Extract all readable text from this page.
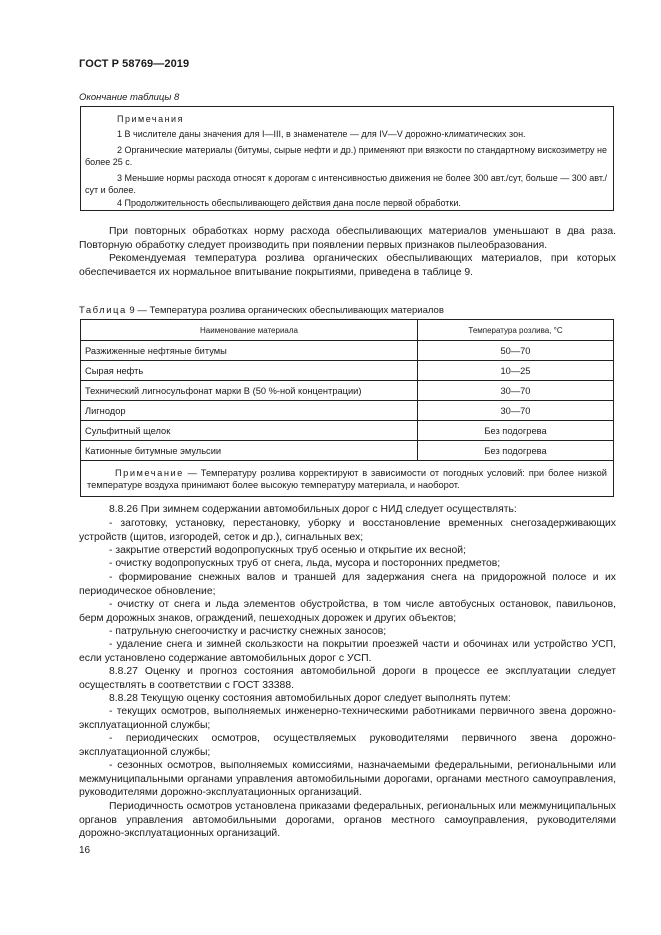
ГОСТ Р 58769—2019
Окончание таблицы 8

Примечания

1 В числителе даны значения для I—III, в знаменателе — для IV—V дорожно-климатических зон.

2 Органические материалы (битумы, сырые нефти и др.) применяют при вязкости по стандартному вискозиметру не более 25 с.

3 Меньшие нормы расхода относят к дорогам с интенсивностью движения не более 300 авт./сут, больше — 300 авт./сут и более.

4 Продолжительность обеспыливающего действия дана после первой обработки.

При повторных обработках норму расхода обеспыливающих материалов уменьшают в два раза. Повторную обработку следует производить при появлении первых признаков пылеобразования.

Рекомендуемая температура розлива органических обеспыливающих материалов, при которых обеспечивается их нормальное впитывание покрытиями, приведена в таблице 9.

Таблица 9 — Температура розлива органических обеспыливающих материалов
Наименование материала	Температура розлива, °С
Разжиженные нефтяные битумы	50—70
Сырая нефть	10—25
Технический лигносульфонат марки В (50 %-ной концентрации)	30—70
Лигнодор	30—70
Сульфитный щелок	Без подогрева
Катионные битумные эмульсии	Без подогрева
Примечание — Температуру розлива корректируют в зависимости от погодных условий: при более низкой температуре воздуха принимают более высокую температуру материала, и наоборот.	

8.8.26 При зимнем содержании автомобильных дорог с НИД следует осуществлять:

- заготовку, установку, перестановку, уборку и восстановление временных снегозадерживающих устройств (щитов, изгородей, сеток и др.), сигнальных вех;

- закрытие отверстий водопропускных труб осенью и открытие их весной;

- очистку водопропускных труб от снега, льда, мусора и посторонних предметов;

- формирование снежных валов и траншей для задержания снега на придорожной полосе и их периодическое обновление;

- очистку от снега и льда элементов обустройства, в том числе автобусных остановок, павильонов, берм дорожных знаков, ограждений, пешеходных дорожек и других объектов;

- патрульную снегоочистку и расчистку снежных заносов;

- удаление снега и зимней скользкости на покрытии проезжей части и обочинах или устройство УСП, если установлено содержание автомобильных дорог с УСП.

8.8.27 Оценку и прогноз состояния автомобильной дороги в процессе ее эксплуатации следует осуществлять в соответствии с ГОСТ 33388.

8.8.28 Текущую оценку состояния автомобильных дорог следует выполнять путем:

- текущих осмотров, выполняемых инженерно-техническими работниками первичного звена дорожно-эксплуатационной службы;

- периодических осмотров, осуществляемых руководителями первичного звена дорожно-эксплуатационной службы;

- сезонных осмотров, выполняемых комиссиями, назначаемыми федеральными, региональными или межмуниципальными органами управления автомобильными дорогами, органами местного самоуправления, руководителями дорожно-эксплуатационных организаций.

Периодичность осмотров установлена приказами федеральных, региональных или межмуниципальных органов управления автомобильными дорогами, органов местного самоуправления, руководителями дорожно-эксплуатационных организаций.

16
